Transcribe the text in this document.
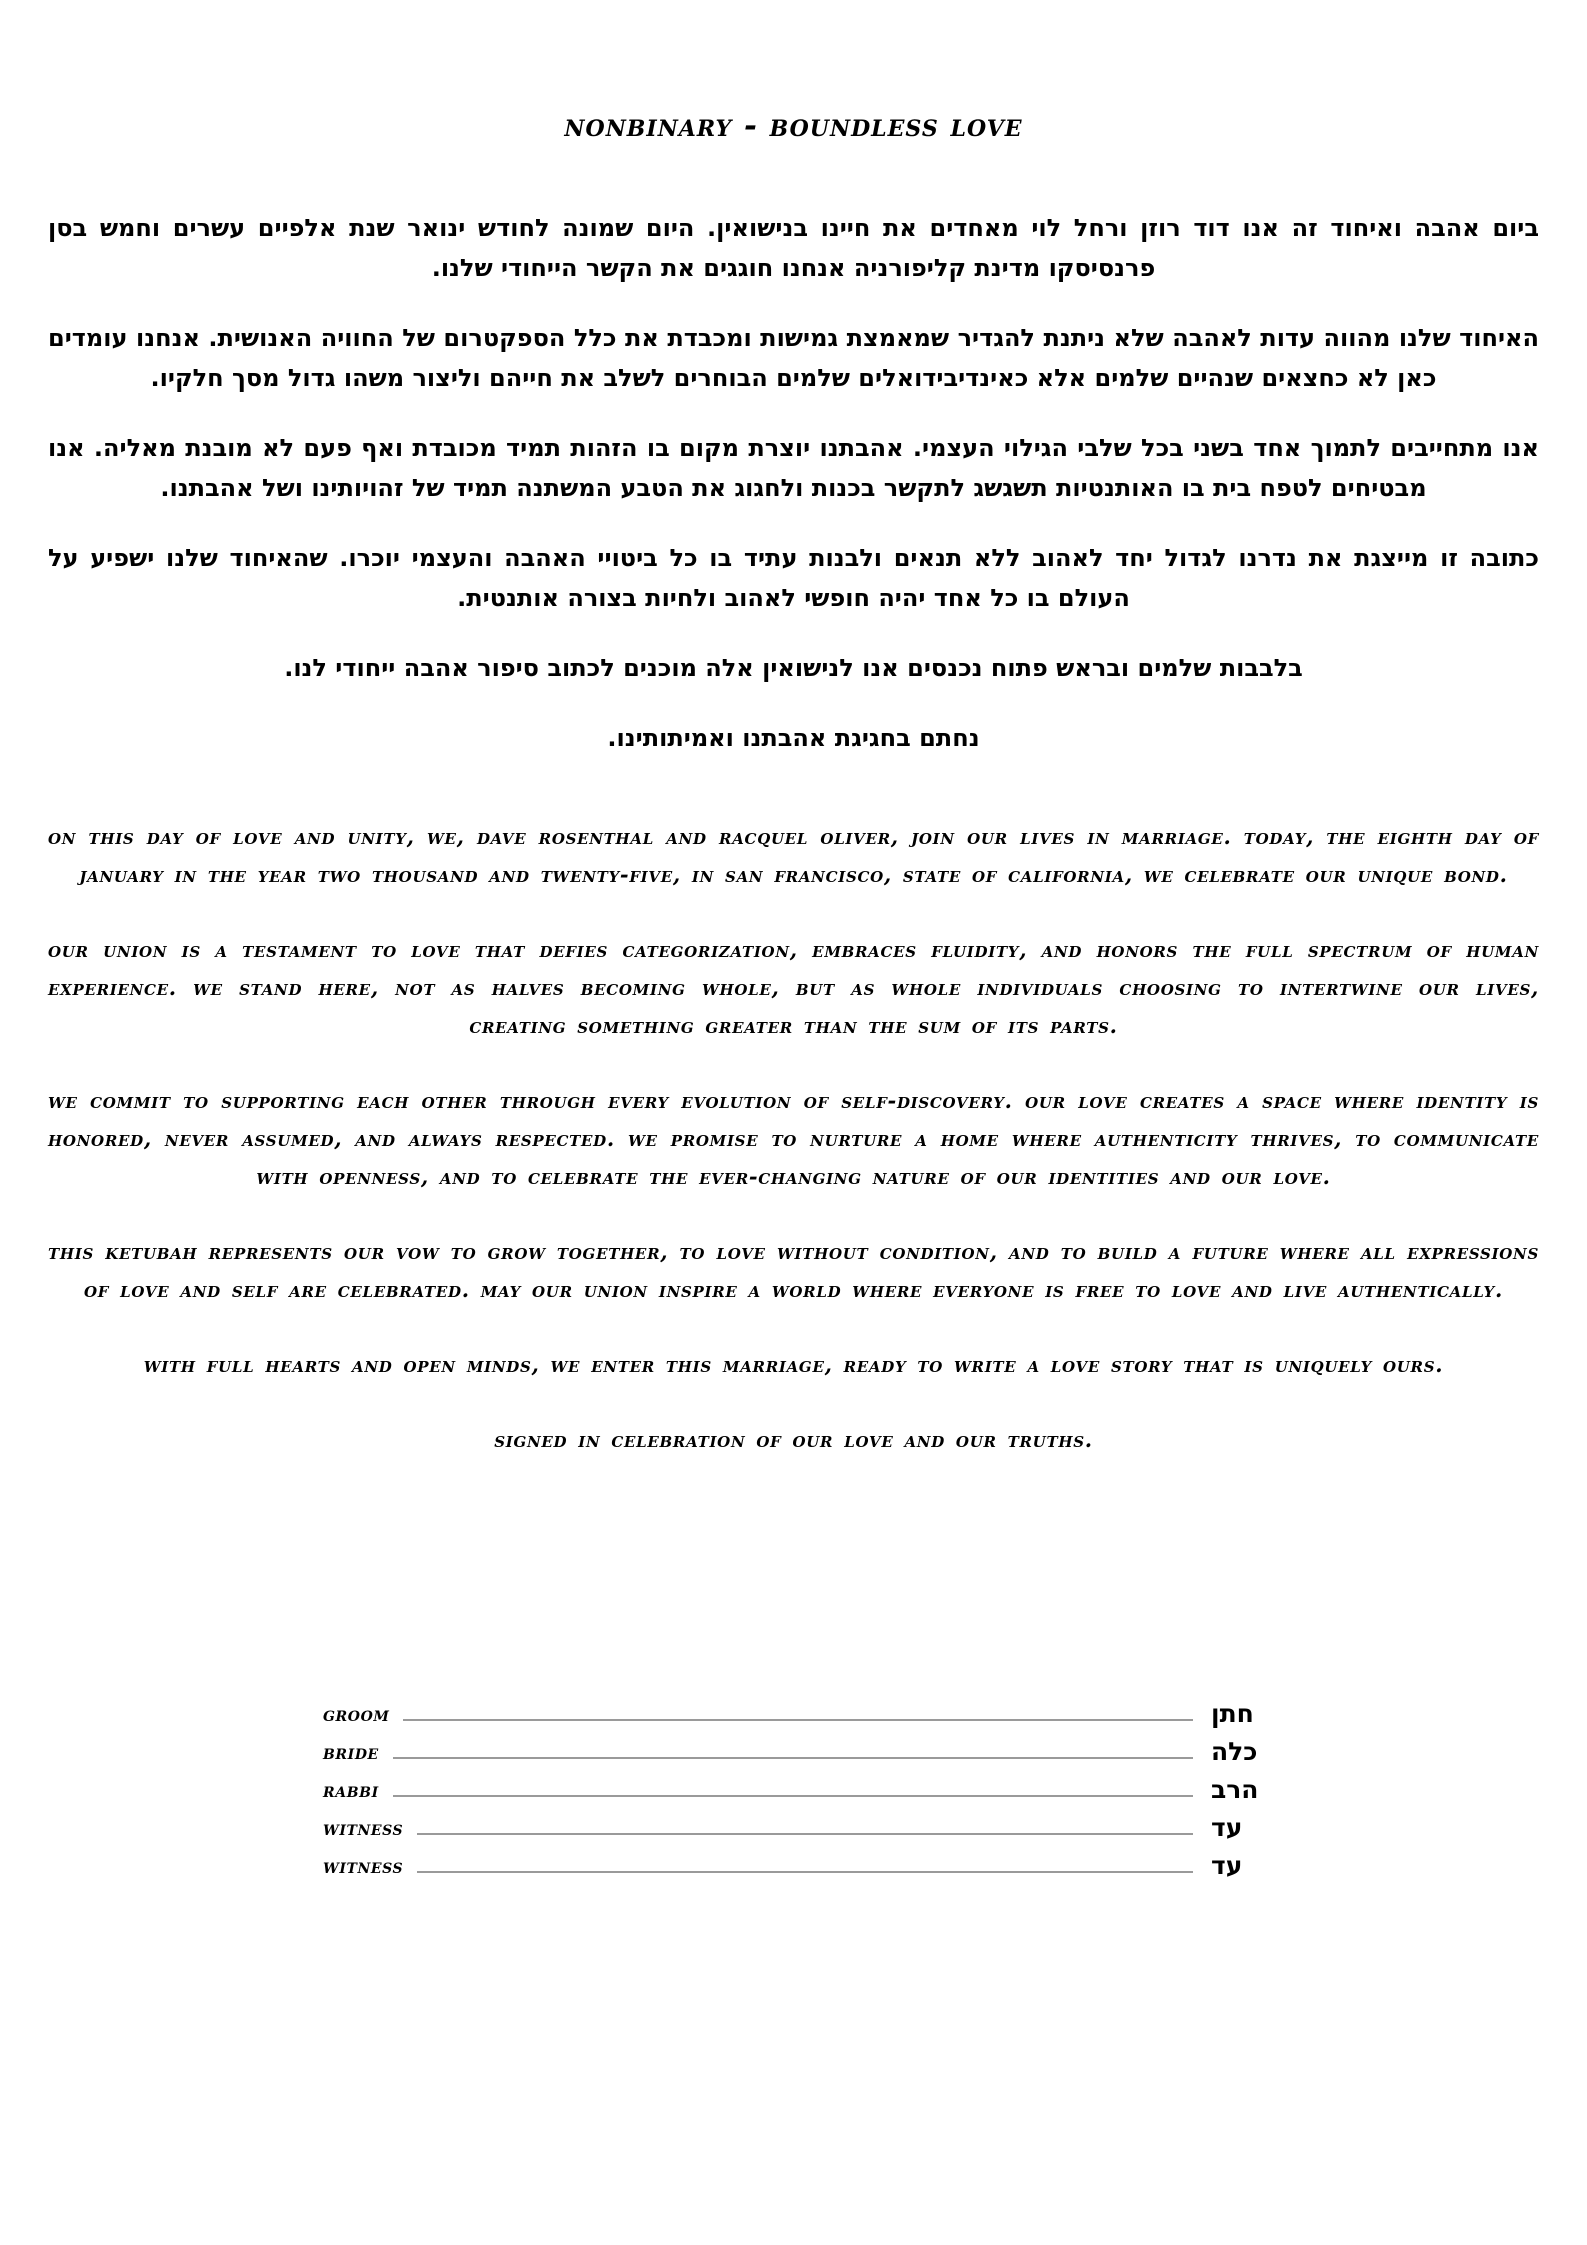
nonbinary - boundless love

ביום אהבה ואיחוד זה אנו דוד רוזן ורחל לוי מאחדים את חיינו בנישואין. היום שמונה לחודש ינואר שנת אלפיים עשרים וחמש בסן פרנסיסקו מדינת קליפורניה אנחנו חוגגים את הקשר הייחודי שלנו.

האיחוד שלנו מהווה עדות לאהבה שלא ניתנת להגדיר שמאמצת גמישות ומכבדת את כלל הספקטרום של החוויה האנושית. אנחנו עומדים כאן לא כחצאים שנהיים שלמים אלא כאינדיבידואלים שלמים הבוחרים לשלב את חייהם וליצור משהו גדול מסך חלקיו.

אנו מתחייבים לתמוך אחד בשני בכל שלבי הגילוי העצמי. אהבתנו יוצרת מקום בו הזהות תמיד מכובדת ואף פעם לא מובנת מאליה. אנו מבטיחים לטפח בית בו האותנטיות תשגשג לתקשר בכנות ולחגוג את הטבע המשתנה תמיד של זהויותינו ושל אהבתנו.

כתובה זו מייצגת את נדרנו לגדול יחד לאהוב ללא תנאים ולבנות עתיד בו כל ביטויי האהבה והעצמי יוכרו. שהאיחוד שלנו ישפיע על העולם בו כל אחד יהיה חופשי לאהוב ולחיות בצורה אותנטית.

בלבבות שלמים ובראש פתוח נכנסים אנו לנישואין אלה מוכנים לכתוב סיפור אהבה ייחודי לנו.

נחתם בחגיגת אהבתנו ואמיתותינו.

on this day of love and unity, we, dave rosenthal and racquel oliver, join our lives in marriage. today, the eighth day of january in the year two thousand and twenty-five, in san francisco, state of california, we celebrate our unique bond.

our union is a testament to love that defies categorization, embraces fluidity, and honors the full spectrum of human experience. we stand here, not as halves becoming whole, but as whole individuals choosing to intertwine our lives, creating something greater than the sum of its parts.

we commit to supporting each other through every evolution of self-discovery. our love creates a space where identity is honored, never assumed, and always respected. we promise to nurture a home where authenticity thrives, to communicate with openness, and to celebrate the ever-changing nature of our identities and our love.

this ketubah represents our vow to grow together, to love without condition, and to build a future where all expressions of love and self are celebrated. may our union inspire a world where everyone is free to love and live authentically.

with full hearts and open minds, we enter this marriage, ready to write a love story that is uniquely ours.

signed in celebration of our love and our truths.

groom	חתן
bride	כלה
rabbi	הרב
witness	עד
witness	עד
